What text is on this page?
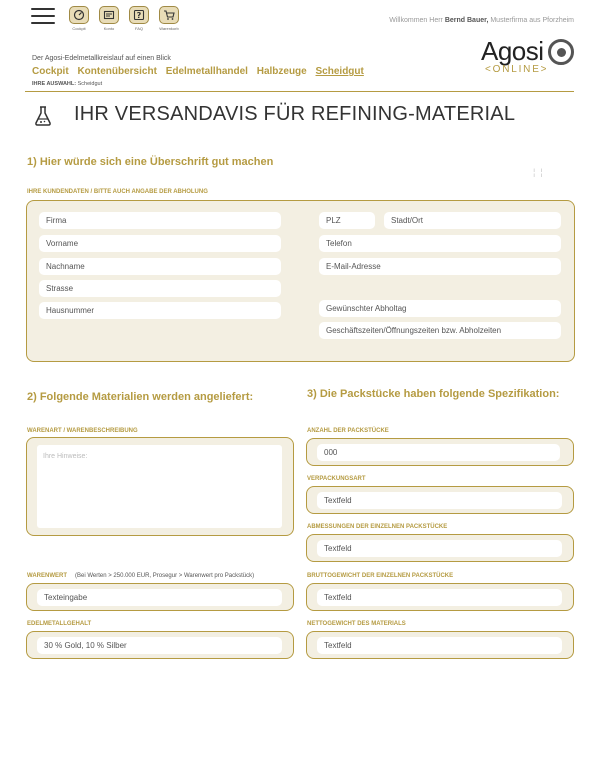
Cockpit	Konto
?
FAQ	Warenkorb
Willkommen Herr Bernd Bauer, Musterfirma aus Pforzheim
Agosi
<ONLINE>
Der Agosi-Edelmetallkreislauf auf einen Blick
Cockpit Kontenübersicht Edelmetallhandel Halbzeuge Scheidgut
IHRE AUSWAHL: Scheidgut
IHR VERSANDAVIS FÜR REFINING-MATERIAL
1) Hier würde sich eine Überschrift gut machen
¦¦
IHRE KUNDENDATEN / BITTE AUCH ANGABE DER ABHOLUNG
Firma
Vorname
Nachname
Strasse
Hausnummer
PLZ	Stadt/Ort
Telefon
E-Mail-Adresse
Gewünschter Abholtag
Geschäftszeiten/Öffnungszeiten bzw. Abholzeiten
2) Folgende Materialien werden angeliefert:
WARENART / WARENBESCHREIBUNG
Ihre Hinweise:
WARENWERT (Bei Werten > 250.000 EUR, Prosegur > Warenwert pro Packstück)
Texteingabe
EDELMETALLGEHALT
30 % Gold, 10 % Silber
3) Die Packstücke haben folgende Spezifikation:
ANZAHL DER PACKSTÜCKE
000
VERPACKUNGSART
Textfeld
ABMESSUNGEN DER EINZELNEN PACKSTÜCKE
Textfeld
BRUTTOGEWICHT DER EINZELNEN PACKSTÜCKE
Textfeld
NETTOGEWICHT DES MATERIALS
Textfeld
